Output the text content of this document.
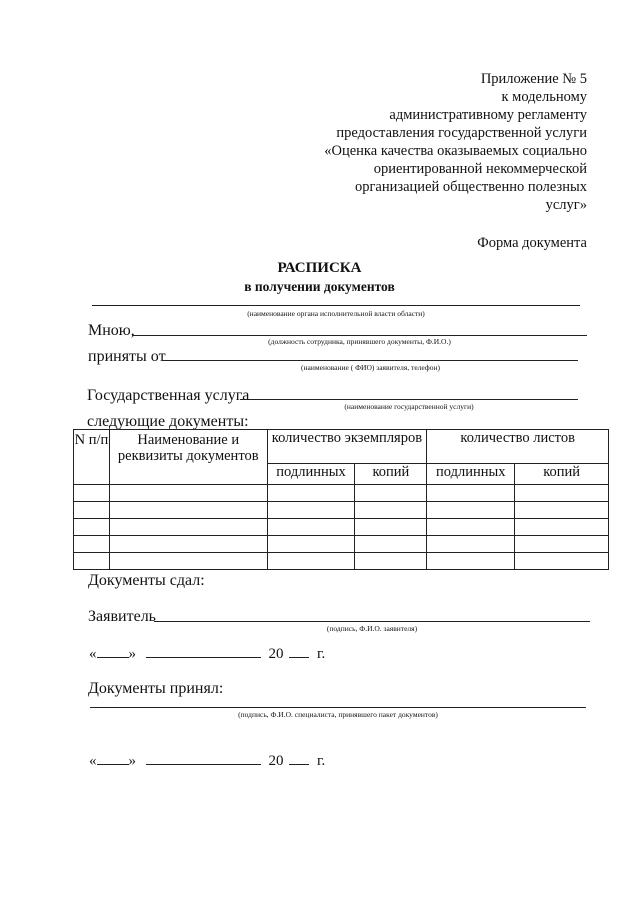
Приложение № 5
к модельному
административному регламенту
предоставления государственной услуги
«Оценка качества оказываемых социально
ориентированной некоммерческой
организацией общественно полезных
услуг»
Форма документа
РАСПИСКА
в получении документов
(наименование органа исполнительной власти области)
Мною,
(должность сотрудника, принявшего документы, Ф.И.О.)
приняты от
(наименование ( ФИО) заявителя, телефон)
Государственная услуга
(наименование государственной услуги)
следующие документы:
N п/п	Наименование и реквизиты документов	количество экземпляров		количество листов	
		подлинных	копий	подлинных	копий

Документы сдал:
Заявитель
(подпись, Ф.И.О. заявителя)
« »	20 г.
Документы принял:
(подпись, Ф.И.О. специалиста, принявшего пакет документов)
« »	20 г.
